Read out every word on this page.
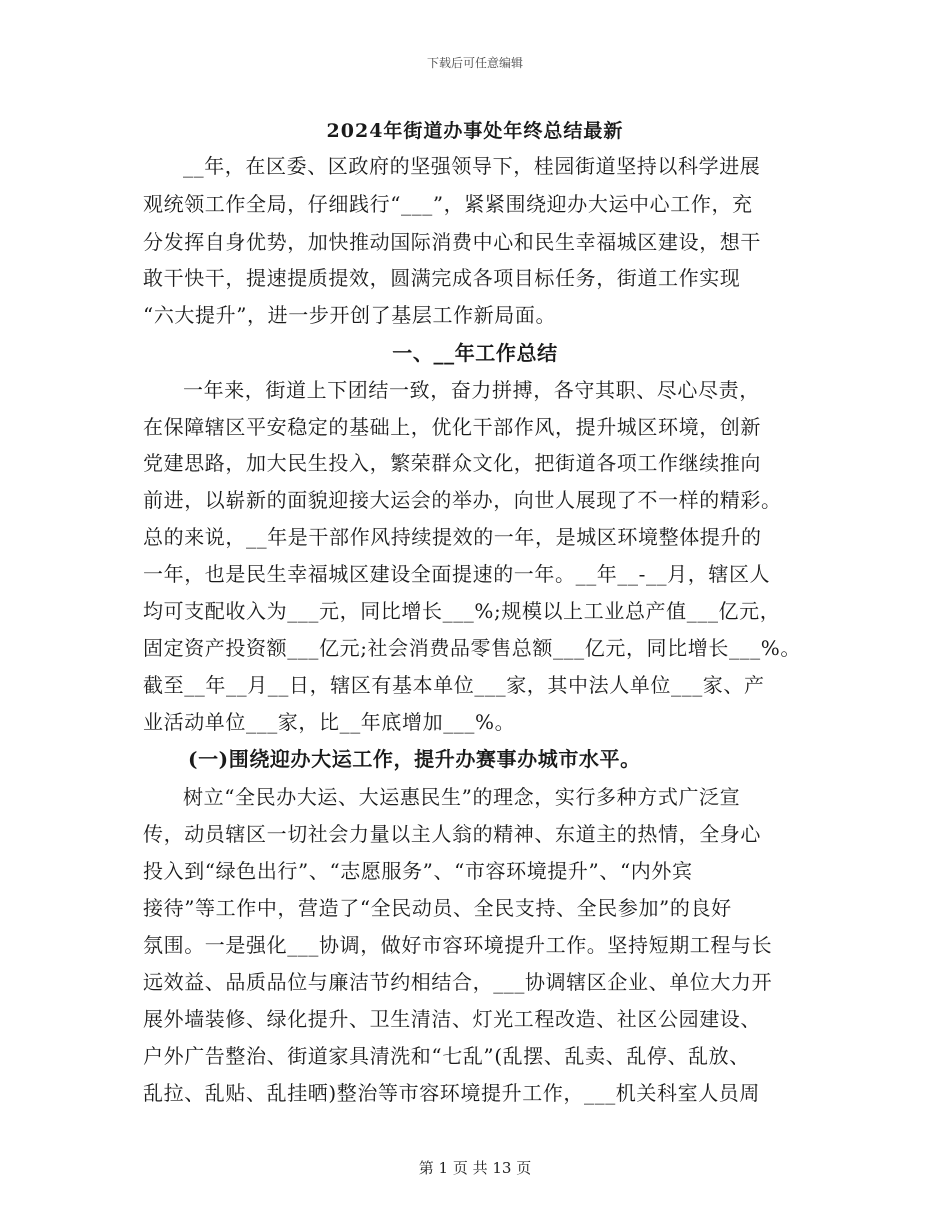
下载后可任意编辑
2024年街道办事处年终总结最新
__年，在区委、区政府的坚强领导下，桂园街道坚持以科学进展
观统领工作全局，仔细践行“___”，紧紧围绕迎办大运中心工作，充
分发挥自身优势，加快推动国际消费中心和民生幸福城区建设，想干
敢干快干，提速提质提效，圆满完成各项目标任务，街道工作实现
“六大提升”，进一步开创了基层工作新局面。
一、__年工作总结
一年来，街道上下团结一致，奋力拼搏，各守其职、尽心尽责，
在保障辖区平安稳定的基础上，优化干部作风，提升城区环境，创新
党建思路，加大民生投入，繁荣群众文化，把街道各项工作继续推向
前进，以崭新的面貌迎接大运会的举办，向世人展现了不一样的精彩。
总的来说，__年是干部作风持续提效的一年，是城区环境整体提升的
一年，也是民生幸福城区建设全面提速的一年。__年__-__月，辖区人
均可支配收入为___元，同比增长___%;规模以上工业总产值___亿元，
固定资产投资额___亿元;社会消费品零售总额___亿元，同比增长___%。
截至__年__月__日，辖区有基本单位___家，其中法人单位___家、产
业活动单位___家，比__年底增加___%。
(一)围绕迎办大运工作，提升办赛事办城市水平。
树立“全民办大运、大运惠民生”的理念，实行多种方式广泛宣
传，动员辖区一切社会力量以主人翁的精神、东道主的热情，全身心
投入到“绿色出行”、“志愿服务”、“市容环境提升”、“内外宾
接待”等工作中，营造了“全民动员、全民支持、全民参加”的良好
氛围。一是强化___协调，做好市容环境提升工作。坚持短期工程与长
远效益、品质品位与廉洁节约相结合，___协调辖区企业、单位大力开
展外墙装修、绿化提升、卫生清洁、灯光工程改造、社区公园建设、
户外广告整治、街道家具清洗和“七乱”(乱摆、乱卖、乱停、乱放、
乱拉、乱贴、乱挂晒)整治等市容环境提升工作，___机关科室人员周
第 1 页 共 13 页
